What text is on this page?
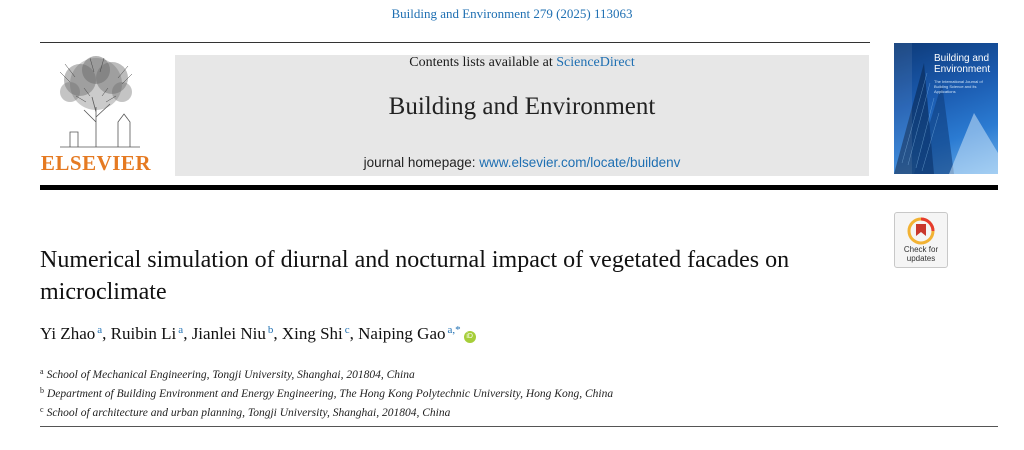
Building and Environment 279 (2025) 113063
ELSEVIER
Contents lists available at ScienceDirect
Building and Environment
journal homepage: www.elsevier.com/locate/buildenv
Building and Environment
The International Journal of Building Science and its Applications
Check for updates
Numerical simulation of diurnal and nocturnal impact of vegetated facades on microclimate
Yi Zhao $^a$, Ruibin Li $^a$, Jianlei Niu $^b$, Xing Shi $^c$, Naiping Gao $^{a,*}$iD
$^a$ School of Mechanical Engineering, Tongji University, Shanghai, 201804, China
$^b$ Department of Building Environment and Energy Engineering, The Hong Kong Polytechnic University, Hong Kong, China
$^c$ School of architecture and urban planning, Tongji University, Shanghai, 201804, China
